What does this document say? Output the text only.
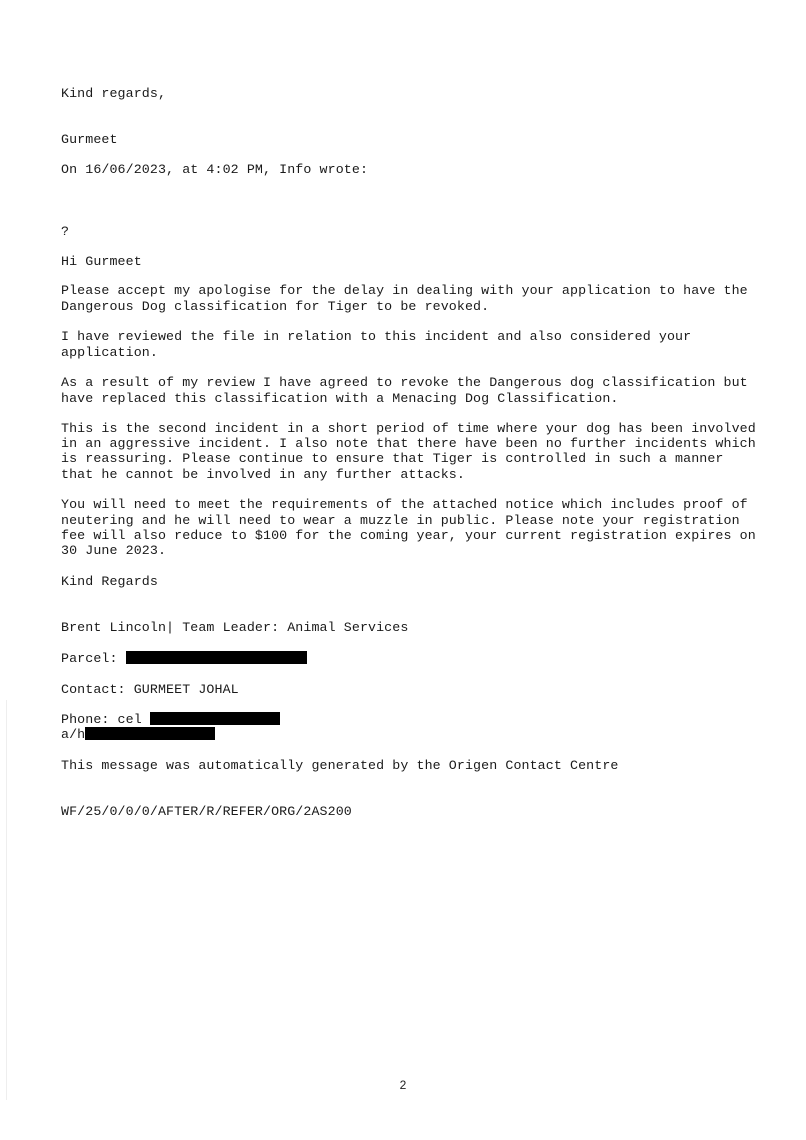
Kind regards,
Gurmeet
On 16/06/2023, at 4:02 PM, Info wrote:
?
Hi Gurmeet
Please accept my apologise for the delay in dealing with your application to have the
Dangerous Dog classification for Tiger to be revoked.
I have reviewed the file in relation to this incident and also considered your
application.
As a result of my review I have agreed to revoke the Dangerous dog classification but
have replaced this classification with a Menacing Dog Classification.
This is the second incident in a short period of time where your dog has been involved
in an aggressive incident. I also note that there have been no further incidents which
is reassuring. Please continue to ensure that Tiger is controlled in such a manner
that he cannot be involved in any further attacks.
You will need to meet the requirements of the attached notice which includes proof of
neutering and he will need to wear a muzzle in public. Please note your registration
fee will also reduce to $100 for the coming year, your current registration expires on
30 June 2023.
Kind Regards
Brent Lincoln| Team Leader: Animal Services
Parcel:
Contact: GURMEET JOHAL
Phone: cel
a/h
This message was automatically generated by the Origen Contact Centre
WF/25/0/0/0/AFTER/R/REFER/ORG/2AS200
2
